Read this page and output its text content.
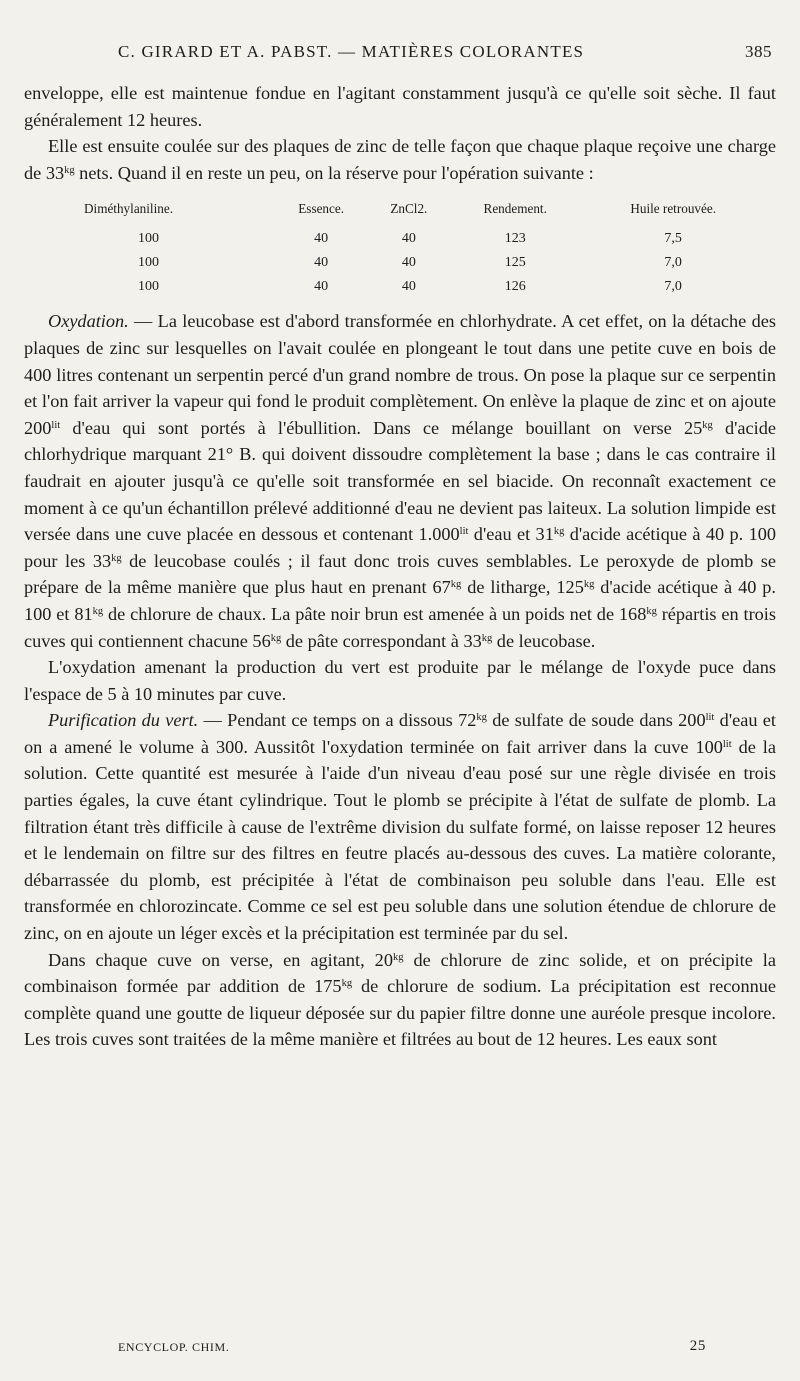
C. GIRARD ET A. PABST. — MATIÈRES COLORANTES	385

enveloppe, elle est maintenue fondue en l'agitant constamment jusqu'à ce qu'elle soit sèche. Il faut généralement 12 heures.

Elle est ensuite coulée sur des plaques de zinc de telle façon que chaque plaque reçoive une charge de $33^{kg}$ nets. Quand il en reste un peu, on la réserve pour l'opération suivante :

Diméthylaniline.	Essence.	ZnCl2.	Rendement.	Huile retrouvée.
100	40	40	123	7,5
100	40	40	125	7,0
100	40	40	126	7,0

Oxydation. — La leucobase est d'abord transformée en chlorhydrate. A cet effet, on la détache des plaques de zinc sur lesquelles on l'avait coulée en plongeant le tout dans une petite cuve en bois de 400 litres contenant un serpentin percé d'un grand nombre de trous. On pose la plaque sur ce serpentin et l'on fait arriver la vapeur qui fond le produit complètement. On enlève la plaque de zinc et on ajoute $200^{lit}$ d'eau qui sont portés à l'ébullition. Dans ce mélange bouillant on verse $25^{kg}$ d'acide chlorhydrique marquant 21° B. qui doivent dissoudre complètement la base ; dans le cas contraire il faudrait en ajouter jusqu'à ce qu'elle soit transformée en sel biacide. On reconnaît exactement ce moment à ce qu'un échantillon prélevé additionné d'eau ne devient pas laiteux. La solution limpide est versée dans une cuve placée en dessous et contenant $1.000^{lit}$ d'eau et $31^{kg}$ d'acide acétique à 40 p. 100 pour les $33^{kg}$ de leucobase coulés ; il faut donc trois cuves semblables. Le peroxyde de plomb se prépare de la même manière que plus haut en prenant $67^{kg}$ de litharge, $125^{kg}$ d'acide acétique à 40 p. 100 et $81^{kg}$ de chlorure de chaux. La pâte noir brun est amenée à un poids net de $168^{kg}$ répartis en trois cuves qui contiennent chacune $56^{kg}$ de pâte correspondant à $33^{kg}$ de leucobase.

L'oxydation amenant la production du vert est produite par le mélange de l'oxyde puce dans l'espace de 5 à 10 minutes par cuve.

Purification du vert. — Pendant ce temps on a dissous $72^{kg}$ de sulfate de soude dans $200^{lit}$ d'eau et on a amené le volume à 300. Aussitôt l'oxydation terminée on fait arriver dans la cuve $100^{lit}$ de la solution. Cette quantité est mesurée à l'aide d'un niveau d'eau posé sur une règle divisée en trois parties égales, la cuve étant cylindrique. Tout le plomb se précipite à l'état de sulfate de plomb. La filtration étant très difficile à cause de l'extrême division du sulfate formé, on laisse reposer 12 heures et le lendemain on filtre sur des filtres en feutre placés au-dessous des cuves. La matière colorante, débarrassée du plomb, est précipitée à l'état de combinaison peu soluble dans l'eau. Elle est transformée en chlorozincate. Comme ce sel est peu soluble dans une solution étendue de chlorure de zinc, on en ajoute un léger excès et la précipitation est terminée par du sel.

Dans chaque cuve on verse, en agitant, $20^{kg}$ de chlorure de zinc solide, et on précipite la combinaison formée par addition de $175^{kg}$ de chlorure de sodium. La précipitation est reconnue complète quand une goutte de liqueur déposée sur du papier filtre donne une auréole presque incolore. Les trois cuves sont traitées de la même manière et filtrées au bout de 12 heures. Les eaux sont

ENCYCLOP. CHIM.	25
